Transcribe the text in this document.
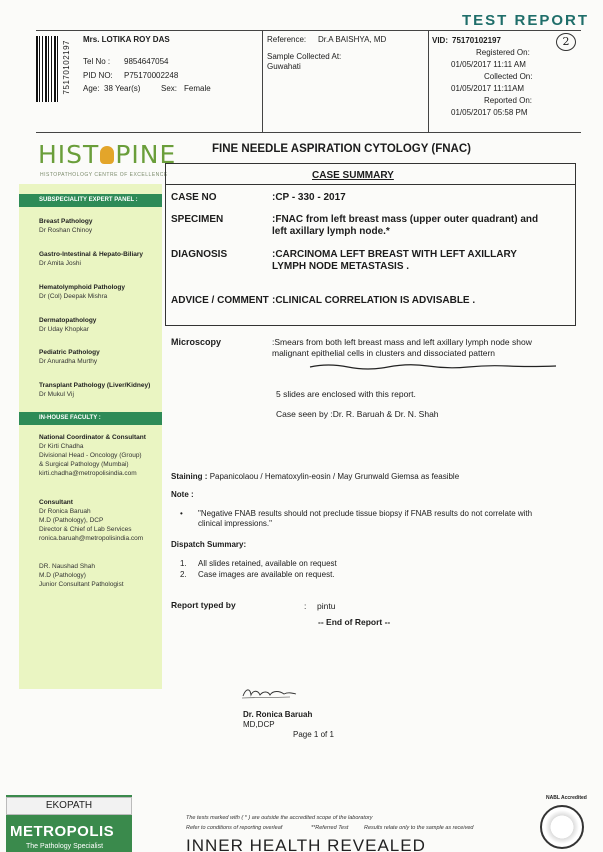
TEST REPORT
2
75170102197
Mrs. LOTIKA ROY DAS
Tel No : 9854647054
PID NO: P75170002248
Age: 38 Year(s)	Sex: Female
Reference: Dr.A BAISHYA, MD
Sample Collected At:
Guwahati
VID: 75170102197
Registered On:
01/05/2017 11:11 AM
Collected On:
01/05/2017 11:11AM
Reported On:
01/05/2017 05:58 PM
HIST PINE
HISTOPATHOLOGY CENTRE OF EXCELLENCE
FINE NEEDLE ASPIRATION CYTOLOGY (FNAC)
SUBSPECIALITY EXPERT PANEL :
Breast Pathology
Dr Roshan Chinoy
Gastro-Intestinal & Hepato-Biliary
Dr Amita Joshi
Hematolymphoid Pathology
Dr (Col) Deepak Mishra
Dermatopathology
Dr Uday Khopkar
Pediatric Pathology
Dr Anuradha Murthy
Transplant Pathology (Liver/Kidney)
Dr Mukul Vij
IN-HOUSE FACULTY :
National Coordinator & Consultant
Dr Kirti Chadha
Divisional Head - Oncology (Group)
& Surgical Pathology (Mumbai)
kirti.chadha@metropolisindia.com
Consultant
Dr Ronica Baruah
M.D (Pathology), DCP
Director & Chief of Lab Services
ronica.baruah@metropolisindia.com
DR. Naushad Shah
M.D (Pathology)
Junior Consultant Pathologist
CASE SUMMARY
CASE NO	:CP - 330 - 2017
SPECIMEN	:FNAC from left breast mass (upper outer quadrant) and left axillary lymph node.*
DIAGNOSIS	:CARCINOMA LEFT BREAST WITH LEFT AXILLARY LYMPH NODE METASTASIS .
ADVICE / COMMENT :CLINICAL CORRELATION IS ADVISABLE .
Microscopy	:Smears from both left breast mass and left axillary lymph node show malignant epithelial cells in clusters and dissociated pattern
5 slides are enclosed with this report.
Case seen by :Dr. R. Baruah & Dr. N. Shah
Staining : Papanicolaou / Hematoxylin-eosin / May Grunwald Giemsa as feasible
Note :
• "Negative FNAB results should not preclude tissue biopsy if FNAB results do not correlate with clinical impressions."
Dispatch Summary:
1. All slides retained, available on request
2. Case images are available on request.
Report typed by	: pintu
-- End of Report --
Dr. Ronica Baruah
MD,DCP
Page 1 of 1
EKOPATH
METROPOLIS
The Pathology Specialist
The tests marked with ( * ) are outside the accredited scope of the laboratory
Refer to conditions of reporting overleaf	**Referred Test	Results relate only to the sample as received
INNER HEALTH REVEALED
NABL Accredited
